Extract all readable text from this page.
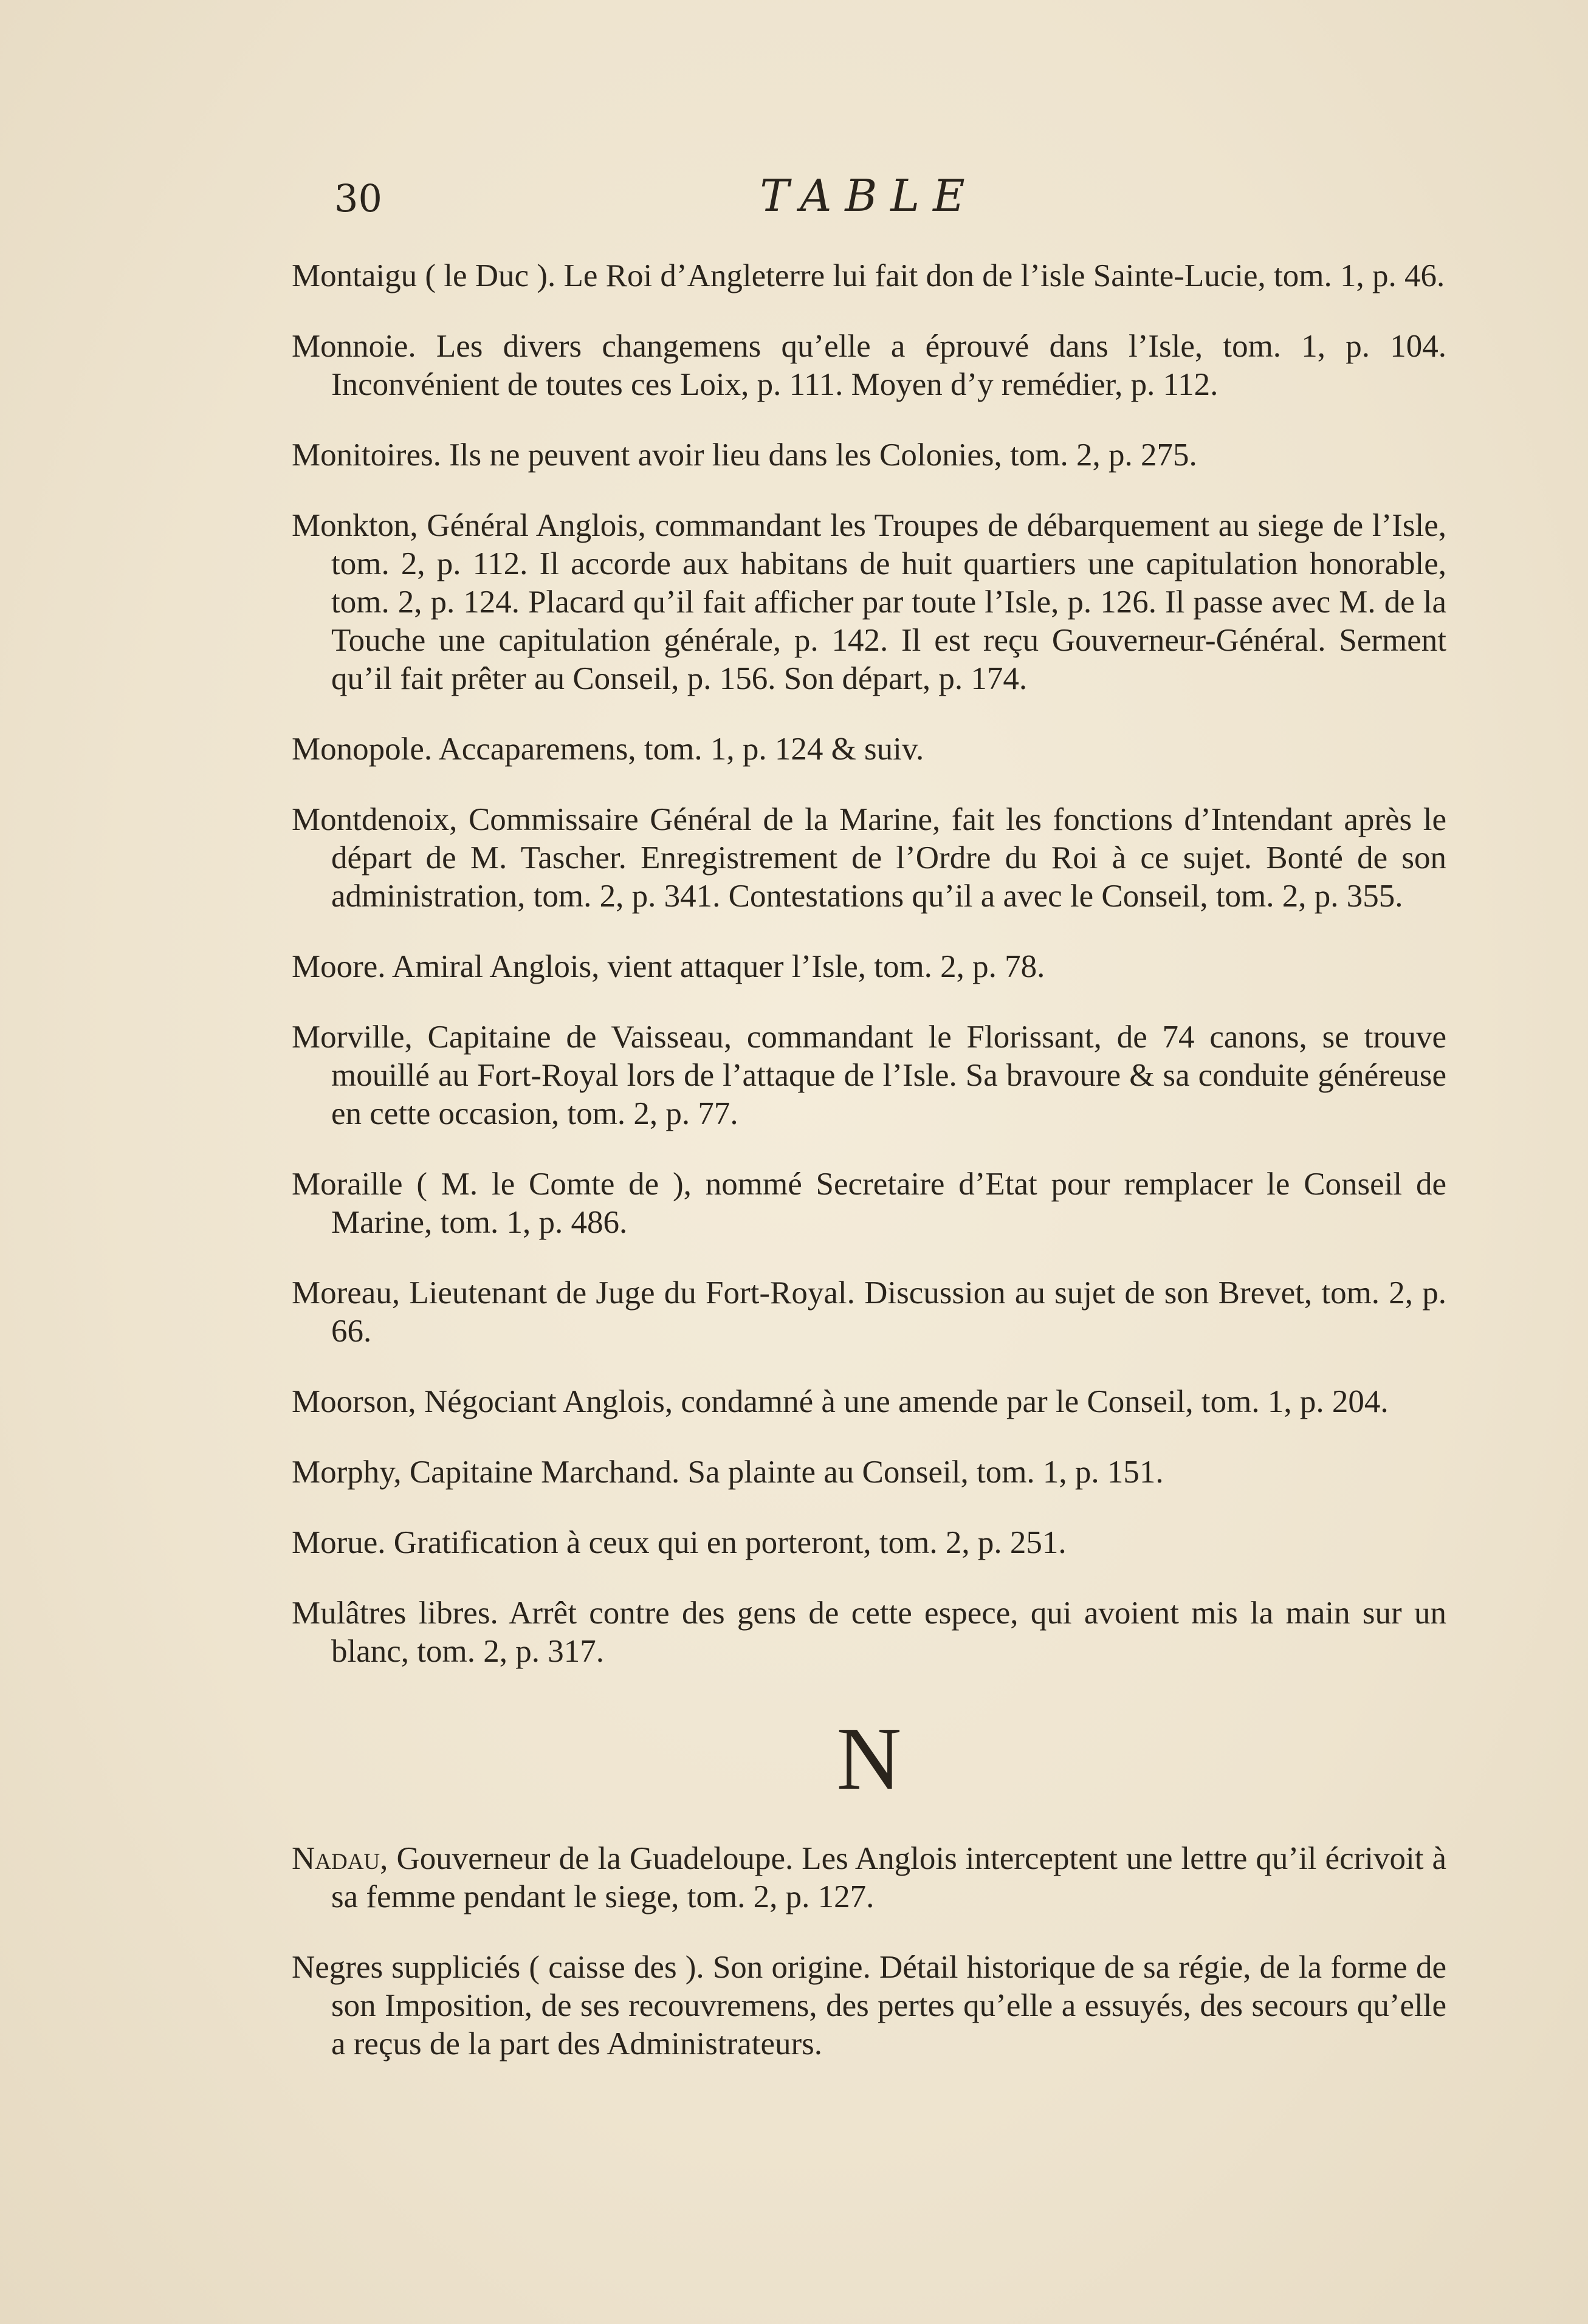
30	TABLE

Montaigu ( le Duc ). Le Roi d’Angleterre lui fait don de l’isle Sainte-Lucie, tom. 1, p. 46.

Monnoie. Les divers changemens qu’elle a éprouvé dans l’Isle, tom. 1, p. 104. Inconvénient de toutes ces Loix, p. 111. Moyen d’y remédier, p. 112.

Monitoires. Ils ne peuvent avoir lieu dans les Colonies, tom. 2, p. 275.

Monkton, Général Anglois, commandant les Troupes de débarquement au siege de l’Isle, tom. 2, p. 112. Il accorde aux habitans de huit quartiers une capitulation honorable, tom. 2, p. 124. Placard qu’il fait afficher par toute l’Isle, p. 126. Il passe avec M. de la Touche une capitulation générale, p. 142. Il est reçu Gouverneur-Général. Serment qu’il fait prêter au Conseil, p. 156. Son départ, p. 174.

Monopole. Accaparemens, tom. 1, p. 124 & suiv.

Montdenoix, Commissaire Général de la Marine, fait les fonctions d’Intendant après le départ de M. Tascher. Enregistrement de l’Ordre du Roi à ce sujet. Bonté de son administration, tom. 2, p. 341. Contestations qu’il a avec le Conseil, tom. 2, p. 355.

Moore. Amiral Anglois, vient attaquer l’Isle, tom. 2, p. 78.

Morville, Capitaine de Vaisseau, commandant le Florissant, de 74 canons, se trouve mouillé au Fort-Royal lors de l’attaque de l’Isle. Sa bravoure & sa conduite généreuse en cette occasion, tom. 2, p. 77.

Moraille ( M. le Comte de ), nommé Secretaire d’Etat pour remplacer le Conseil de Marine, tom. 1, p. 486.

Moreau, Lieutenant de Juge du Fort-Royal. Discussion au sujet de son Brevet, tom. 2, p. 66.

Moorson, Négociant Anglois, condamné à une amende par le Conseil, tom. 1, p. 204.

Morphy, Capitaine Marchand. Sa plainte au Conseil, tom. 1, p. 151.

Morue. Gratification à ceux qui en porteront, tom. 2, p. 251.

Mulâtres libres. Arrêt contre des gens de cette espece, qui avoient mis la main sur un blanc, tom. 2, p. 317.

N

Nadau, Gouverneur de la Guadeloupe. Les Anglois interceptent une lettre qu’il écrivoit à sa femme pendant le siege, tom. 2, p. 127.

Negres suppliciés ( caisse des ). Son origine. Détail historique de sa régie, de la forme de son Imposition, de ses recouvremens, des pertes qu’elle a essuyés, des secours qu’elle a reçus de la part des Administrateurs.
